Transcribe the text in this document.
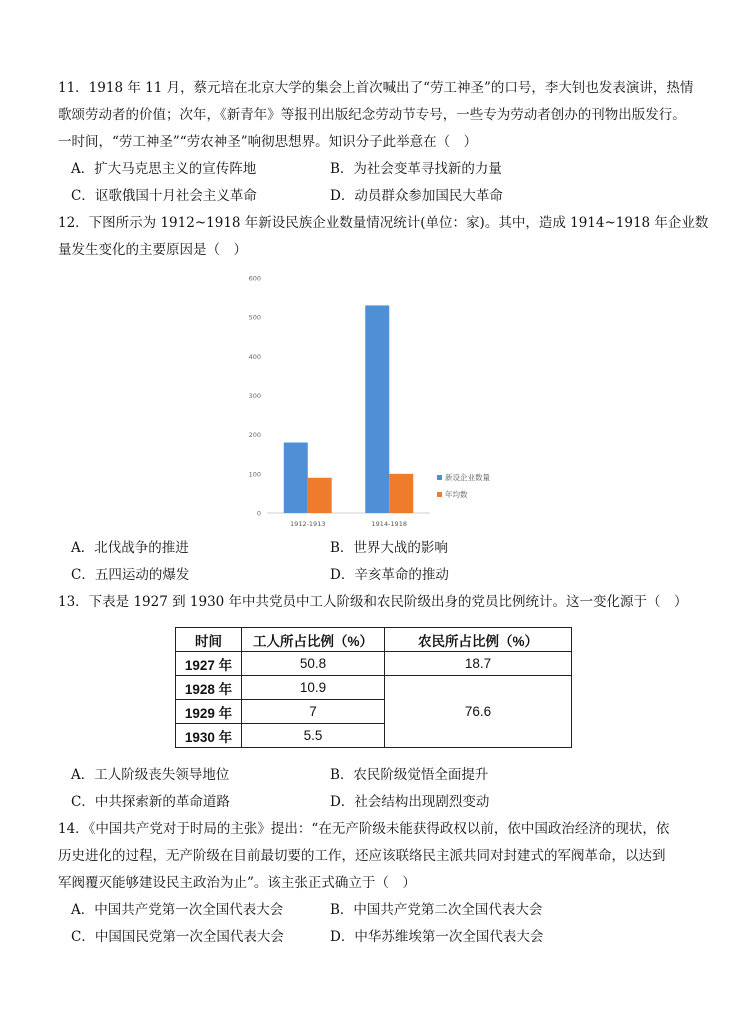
11．1918 年 11 月，蔡元培在北京大学的集会上首次喊出了“劳工神圣”的口号，李大钊也发表演讲，热情
歌颂劳动者的价值；次年，《新青年》等报刊出版纪念劳动节专号，一些专为劳动者创办的刊物出版发行。
一时间，“劳工神圣”“劳农神圣”响彻思想界。知识分子此举意在（　）
A．扩大马克思主义的宣传阵地	B．为社会变革寻找新的力量
C．讴歌俄国十月社会主义革命	D．动员群众参加国民大革命
12．下图所示为 1912~1918 年新设民族企业数量情况统计(单位：家)。其中，造成 1914~1918 年企业数
量发生变化的主要原因是（　）
0
100
200
300
400
500
600
1912-1913	1914-1918
新设企业数量
年均数
A．北伐战争的推进	B．世界大战的影响
C．五四运动的爆发	D．辛亥革命的推动
13．下表是 1927 到 1930 年中共党员中工人阶级和农民阶级出身的党员比例统计。这一变化源于（　）
时间	工人所占比例（%）	农民所占比例（%）
1927 年	50.8	18.7
1928 年	10.9	76.6
1929 年	7	
1930 年	5.5	
A．工人阶级丧失领导地位	B．农民阶级觉悟全面提升
C．中共探索新的革命道路	D．社会结构出现剧烈变动
14．《中国共产党对于时局的主张》提出：“在无产阶级未能获得政权以前，依中国政治经济的现状，依
历史进化的过程，无产阶级在目前最切要的工作，还应该联络民主派共同对封建式的军阀革命，以达到
军阀覆灭能够建设民主政治为止”。该主张正式确立于（　）
A．中国共产党第一次全国代表大会	B．中国共产党第二次全国代表大会
C．中国国民党第一次全国代表大会	D．中华苏维埃第一次全国代表大会
